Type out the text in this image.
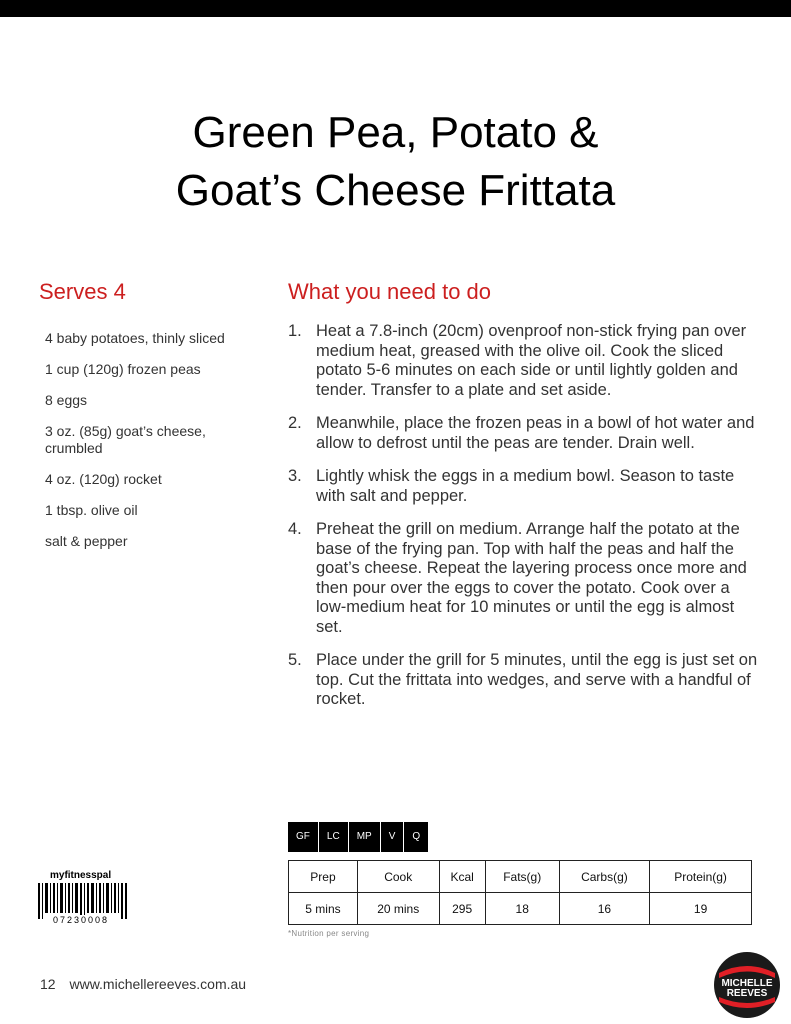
Green Pea, Potato &
Goat’s Cheese Frittata
Serves 4	What you need to do
4 baby potatoes, thinly sliced
1 cup (120g) frozen peas
8 eggs
3 oz. (85g) goat’s cheese, crumbled
4 oz. (120g) rocket
1 tbsp. olive oil
salt & pepper
1. Heat a 7.8-inch (20cm) ovenproof non-stick frying pan over medium heat, greased with the olive oil. Cook the sliced potato 5-6 minutes on each side or until lightly golden and tender. Transfer to a plate and set aside.
2. Meanwhile, place the frozen peas in a bowl of hot water and allow to defrost until the peas are tender. Drain well.
3. Lightly whisk the eggs in a medium bowl. Season to taste with salt and pepper.
4. Preheat the grill on medium. Arrange half the potato at the base of the frying pan. Top with half the peas and half the goat’s cheese. Repeat the layering process once more and then pour over the eggs to cover the potato. Cook over a low-medium heat for 10 minutes or until the egg is almost set.
5. Place under the grill for 5 minutes, until the egg is just set on top. Cut the frittata into wedges, and serve with a handful of rocket.
GF	LC	MP	V	Q
Prep	Cook	Kcal	Fats(g)	Carbs(g)	Protein(g)
5 mins	20 mins	295	18	16	19
*Nutrition per serving
myfitnesspal
07230008
12 www.michellereeves.com.au	MICHELLE
REEVES
